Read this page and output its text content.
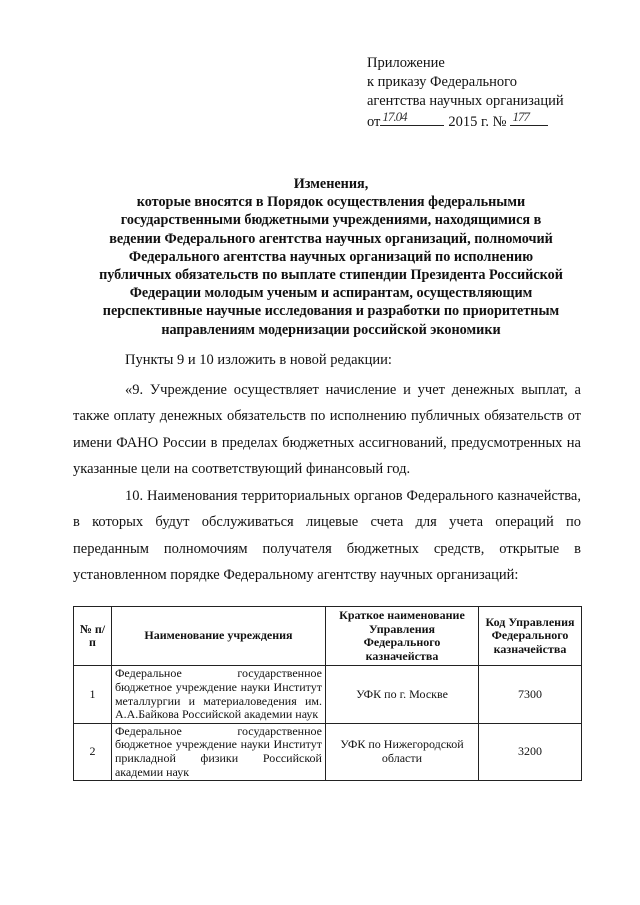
Приложение
к приказу Федерального
агентства научных организаций
от 17.04	2015 г. № 177
Изменения,
которые вносятся в Порядок осуществления федеральными
государственными бюджетными учреждениями, находящимися в
ведении Федерального агентства научных организаций, полномочий
Федерального агентства научных организаций по исполнению
публичных обязательств по выплате стипендии Президента Российской
Федерации молодым ученым и аспирантам, осуществляющим
перспективные научные исследования и разработки по приоритетным
направлениям модернизации российской экономики

Пункты 9 и 10 изложить в новой редакции:

«9. Учреждение осуществляет начисление и учет денежных выплат, а также оплату денежных обязательств по исполнению публичных обязательств от имени ФАНО России в пределах бюджетных ассигнований, предусмотренных на указанные цели на соответствующий финансовый год.

10. Наименования территориальных органов Федерального казначейства, в которых будут обслуживаться лицевые счета для учета операций по переданным полномочиям получателя бюджетных средств, открытые в установленном порядке Федеральному агентству научных организаций:

№ п/п	Наименование учреждения	Краткое наименование Управления Федерального казначейства	Код Управления Федерального казначейства
1	Федеральное государственное бюджетное учреждение науки Институт металлургии и материаловедения им. А.А.Байкова Российской академии наук	УФК по г. Москве	7300
2	Федеральное государственное бюджетное учреждение науки Институт прикладной физики Российской академии наук	УФК по Нижегородской области	3200
